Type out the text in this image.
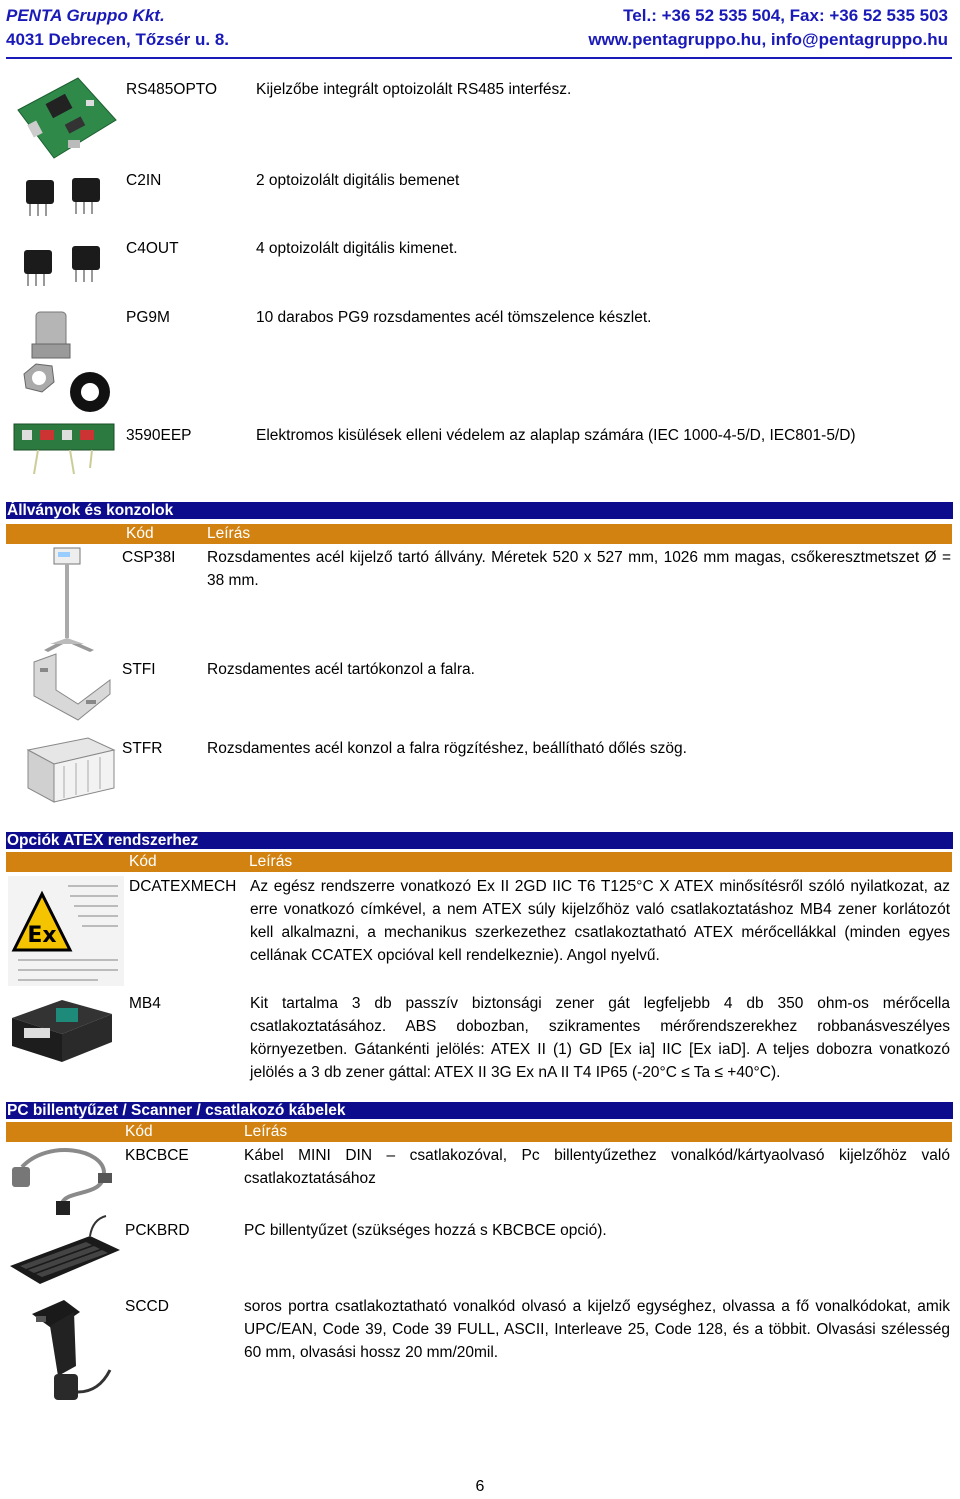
PENTA Gruppo Kkt.
4031 Debrecen, Tőzsér u. 8.
Tel.: +36 52 535 504, Fax: +36 52 535 503
www.pentagruppo.hu, info@pentagruppo.hu
RS485OPTO	Kijelzőbe integrált optoizolált RS485 interfész.
C2IN	2 optoizolált digitális bemenet
C4OUT	4 optoizolált digitális kimenet.
PG9M	10 darabos PG9 rozsdamentes acél tömszelence készlet.
3590EEP	Elektromos kisülések elleni védelem az alaplap számára (IEC 1000-4-5/D, IEC801-5/D)
Állványok és konzolok
Kód	Leírás
CSP38I Rozsdamentes acél kijelző tartó állvány. Méretek 520 x 527 mm, 1026 mm magas, csőkeresztmetszet Ø = 38 mm.
STFI	Rozsdamentes acél tartókonzol a falra.
STFR	Rozsdamentes acél konzol a falra rögzítéshez, beállítható dőlés szög.
Opciók ATEX rendszerhez
Kód	Leírás
Ex
DCATEXMECH Az egész rendszerre vonatkozó Ex II 2GD IIC T6 T125°C X ATEX minősítésről szóló nyilatkozat, az erre vonatkozó címkével, a nem ATEX súly kijelzőhöz való csatlakoztatáshoz MB4 zener korlátozót kell alkalmazni, a mechanikus szerkezethez csatlakoztatható ATEX mérőcellákkal (minden egyes cellának CCATEX opcióval kell rendelkeznie). Angol nyelvű.
MB4	Kit tartalma 3 db passzív biztonsági zener gát legfeljebb 4 db 350 ohm-os mérőcella csatlakoztatásához. ABS dobozban, szikramentes mérőrendszerekhez robbanásveszélyes környezetben. Gátankénti jelölés: ATEX II (1) GD [Ex ia] IIC [Ex iaD]. A teljes dobozra vonatkozó jelölés a 3 db zener gáttal: ATEX II 3G Ex nA II T4 IP65 (-20°C ≤ Ta ≤ +40°C).
PC billentyűzet / Scanner / csatlakozó kábelek
Kód	Leírás
KBCBCE	Kábel MINI DIN – csatlakozóval, Pc billentyűzethez vonalkód/kártyaolvasó kijelzőhöz való csatlakoztatásához
PCKBRD	PC billentyűzet (szükséges hozzá s KBCBCE opció).
SCCD	soros portra csatlakoztatható vonalkód olvasó a kijelző egységhez, olvassa a fő vonalkódokat, amik UPC/EAN, Code 39, Code 39 FULL, ASCII, Interleave 25, Code 128, és a többit. Olvasási szélesség 60 mm, olvasási hossz 20 mm/20mil.
6
